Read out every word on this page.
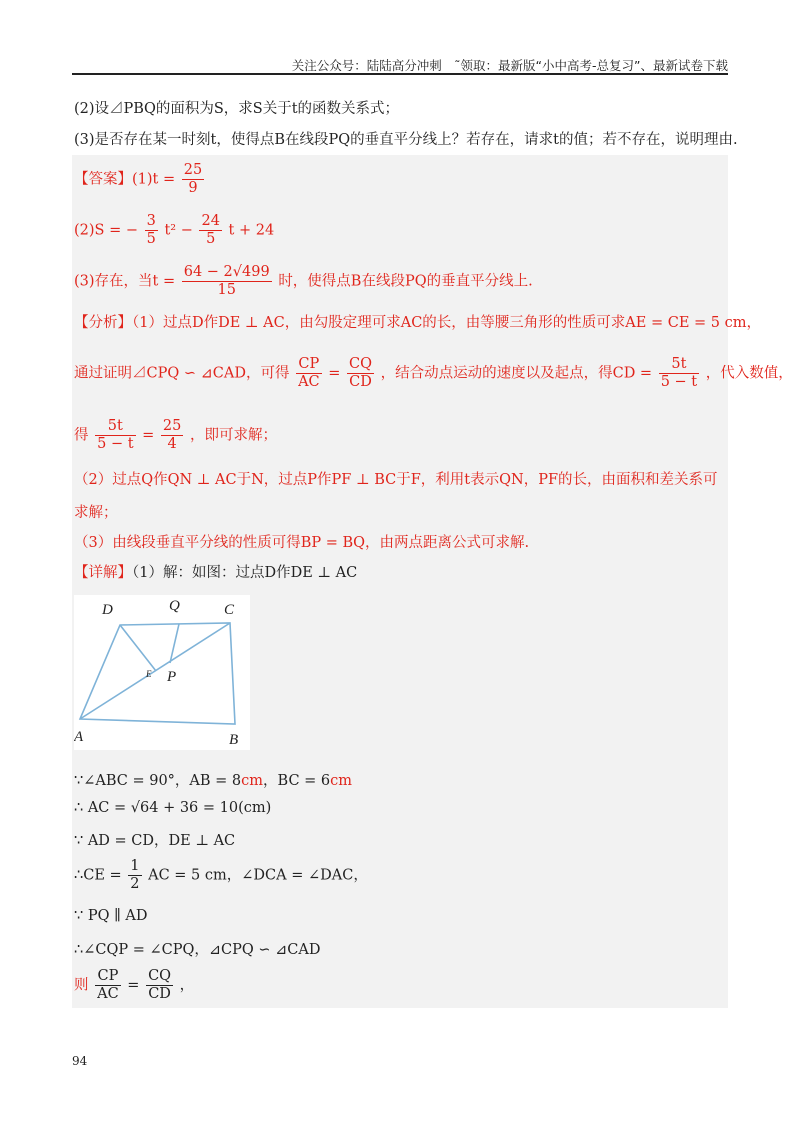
关注公众号：陆陆高分冲刺　˜领取：最新版“小中高考-总复习”、最新试卷下载
(2)设⊿PBQ的面积为S，求S关于t的函数关系式；
(3)是否存在某一时刻t，使得点B在线段PQ的垂直平分线上？若存在，请求t的值；若不存在，说明理由.
【答案】$(1)t = \frac{25}{9}$
(2)S = − $\frac{3}{5} t^2 - \frac{24}{5}$ t + 24
(3)存在，当$t = \frac{64 - 2√499}{15}$ 时，使得点B在线段PQ的垂直平分线上.
【分析】（1）过点D作DE ⊥ AC，由勾股定理可求AC的长，由等腰三角形的性质可求AE = CE = 5 cm，
通过证明⊿CPQ ∽ ⊿CAD，可得 $\frac{CP}{AC} = \frac{CQ}{CD}$ ，结合动点运动的速度以及起点，得CD = $\frac{5t}{5 - t}$ ，代入数值，
得 $\frac{5t}{5 - t} = \frac{25}{4}$ ，即可求解；
（2）过点Q作QN ⊥ AC于N，过点P作PF ⊥ BC于F，利用t表示QN，PF的长，由面积和差关系可
求解；
（3）由线段垂直平分线的性质可得BP = BQ，由两点距离公式可求解.
【详解】（1）解：如图：过点D作DE ⊥ AC
D	Q	C
E P
A	B
∵∠ABC = 90°，AB = 8cm，BC = 6cm
∴ AC = √64 + 36 = 10(cm)
∵ AD = CD，DE ⊥ AC
∴CE = $\frac{1}{2}$ AC = 5 cm，∠DCA = ∠DAC，
∵ PQ ∥ AD
∴∠CQP = ∠CPQ，⊿CPQ ∽ ⊿CAD
则 $\frac{CP}{AC} = \frac{CQ}{CD}$ ，
94
